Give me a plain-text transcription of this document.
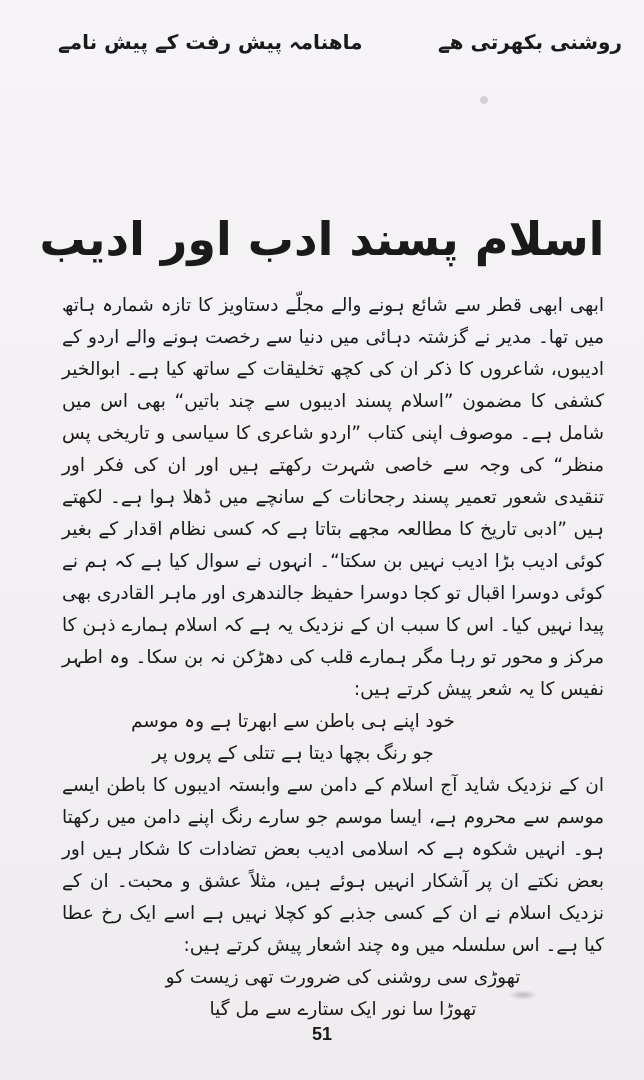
روشنی بکھرتی ھے
ماھنامہ پیش رفت کے پیش نامے
اسلام پسند ادب اور ادیب

ابھی ابھی قطر سے شائع ہونے والے مجلّے دستاویز کا تازہ شمارہ ہاتھ میں تھا۔ مدیر نے گزشتہ دہائی میں دنیا سے رخصت ہونے والے اردو کے ادیبوں، شاعروں کا ذکر ان کی کچھ تخلیقات کے ساتھ کیا ہے۔ ابوالخیر کشفی کا مضمون ”اسلام پسند ادیبوں سے چند باتیں“ بھی اس میں شامل ہے۔ موصوف اپنی کتاب ”اردو شاعری کا سیاسی و تاریخی پس منظر“ کی وجہ سے خاصی شہرت رکھتے ہیں اور ان کی فکر اور تنقیدی شعور تعمیر پسند رجحانات کے سانچے میں ڈھلا ہوا ہے۔ لکھتے ہیں ”ادبی تاریخ کا مطالعہ مجھے بتاتا ہے کہ کسی نظام اقدار کے بغیر کوئی ادیب بڑا ادیب نہیں بن سکتا“۔ انہوں نے سوال کیا ہے کہ ہم نے کوئی دوسرا اقبال تو کجا دوسرا حفیظ جالندھری اور ماہر القادری بھی پیدا نہیں کیا۔ اس کا سبب ان کے نزدیک یہ ہے کہ اسلام ہمارے ذہن کا مرکز و محور تو رہا مگر ہمارے قلب کی دھڑکن نہ بن سکا۔ وہ اطہر نفیس کا یہ شعر پیش کرتے ہیں:

خود اپنے ہی باطن سے ابھرتا ہے وہ موسم

جو رنگ بچھا دیتا ہے تتلی کے پروں پر

ان کے نزدیک شاید آج اسلام کے دامن سے وابستہ ادیبوں کا باطن ایسے موسم سے محروم ہے، ایسا موسم جو سارے رنگ اپنے دامن میں رکھتا ہو۔ انہیں شکوہ ہے کہ اسلامی ادیب بعض تضادات کا شکار ہیں اور بعض نکتے ان پر آشکار انہیں ہوئے ہیں، مثلاً عشق و محبت۔ ان کے نزدیک اسلام نے ان کے کسی جذبے کو کچلا نہیں ہے اسے ایک رخ عطا کیا ہے۔ اس سلسلہ میں وہ چند اشعار پیش کرتے ہیں:

تھوڑی سی روشنی کی ضرورت تھی زیست کو

تھوڑا سا نور ایک ستارے سے مل گیا

51
